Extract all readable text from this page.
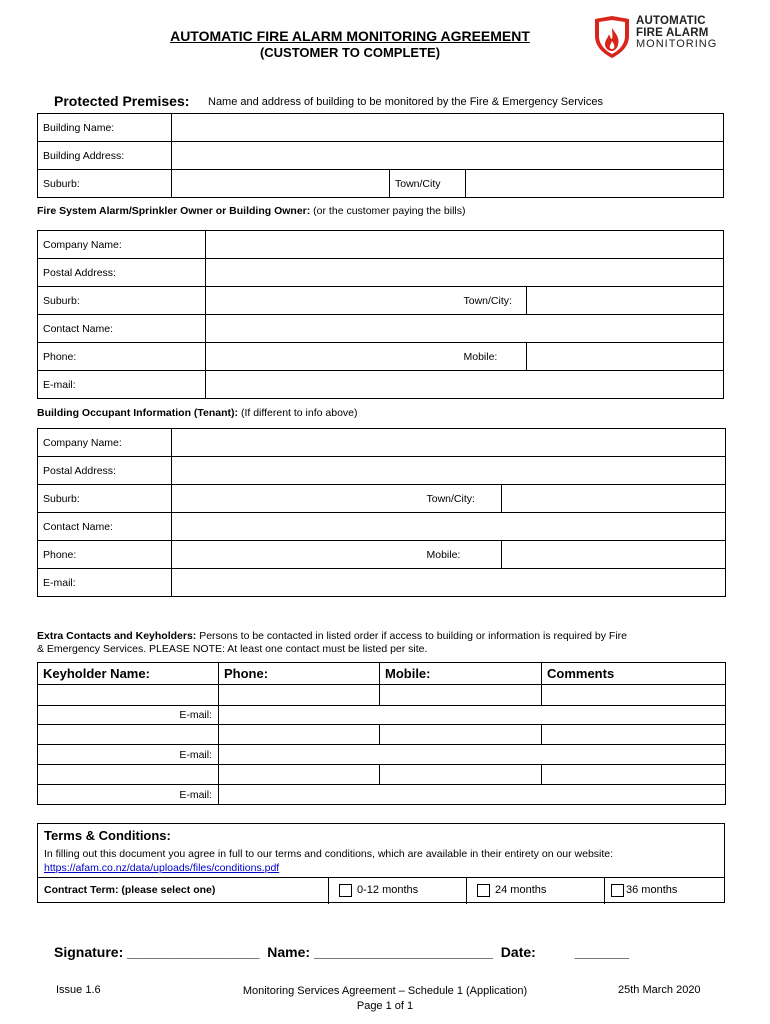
AUTOMATIC FIRE ALARM MONITORING AGREEMENT
(CUSTOMER TO COMPLETE)
AUTOMATIC
FIRE ALARM
MONITORING
Protected Premises: Name and address of building to be monitored by the Fire & Emergency Services
Building Name:			
Building Address:			
Suburb:		Town/City	
Fire System Alarm/Sprinkler Owner or Building Owner: (or the customer paying the bills)
Company Name:			
Postal Address:			
Suburb:		Town/City:	
Contact Name:			
Phone:		Mobile:	
E-mail:			
Building Occupant Information (Tenant): (If different to info above)
Company Name:			
Postal Address:			
Suburb:		Town/City:	
Contact Name:			
Phone:		Mobile:	
E-mail:			
Extra Contacts and Keyholders: Persons to be contacted in listed order if access to building or information is required by Fire
& Emergency Services. PLEASE NOTE: At least one contact must be listed per site.
Keyholder Name:	Phone:	Mobile:	Comments

E-mail:			

E-mail:			

E-mail:			
Terms & Conditions:
In filling out this document you agree in full to our terms and conditions, which are available in their entirety on our website:
https://afam.co.nz/data/uploads/files/conditions.pdf
Contract Term: (please select one)	0-12 months	24 months	36 months
Signature: _________________  Name: _______________________  Date:          _______
Issue 1.6	Monitoring Services Agreement – Schedule 1 (Application)
Page 1 of 1
25th March 2020
